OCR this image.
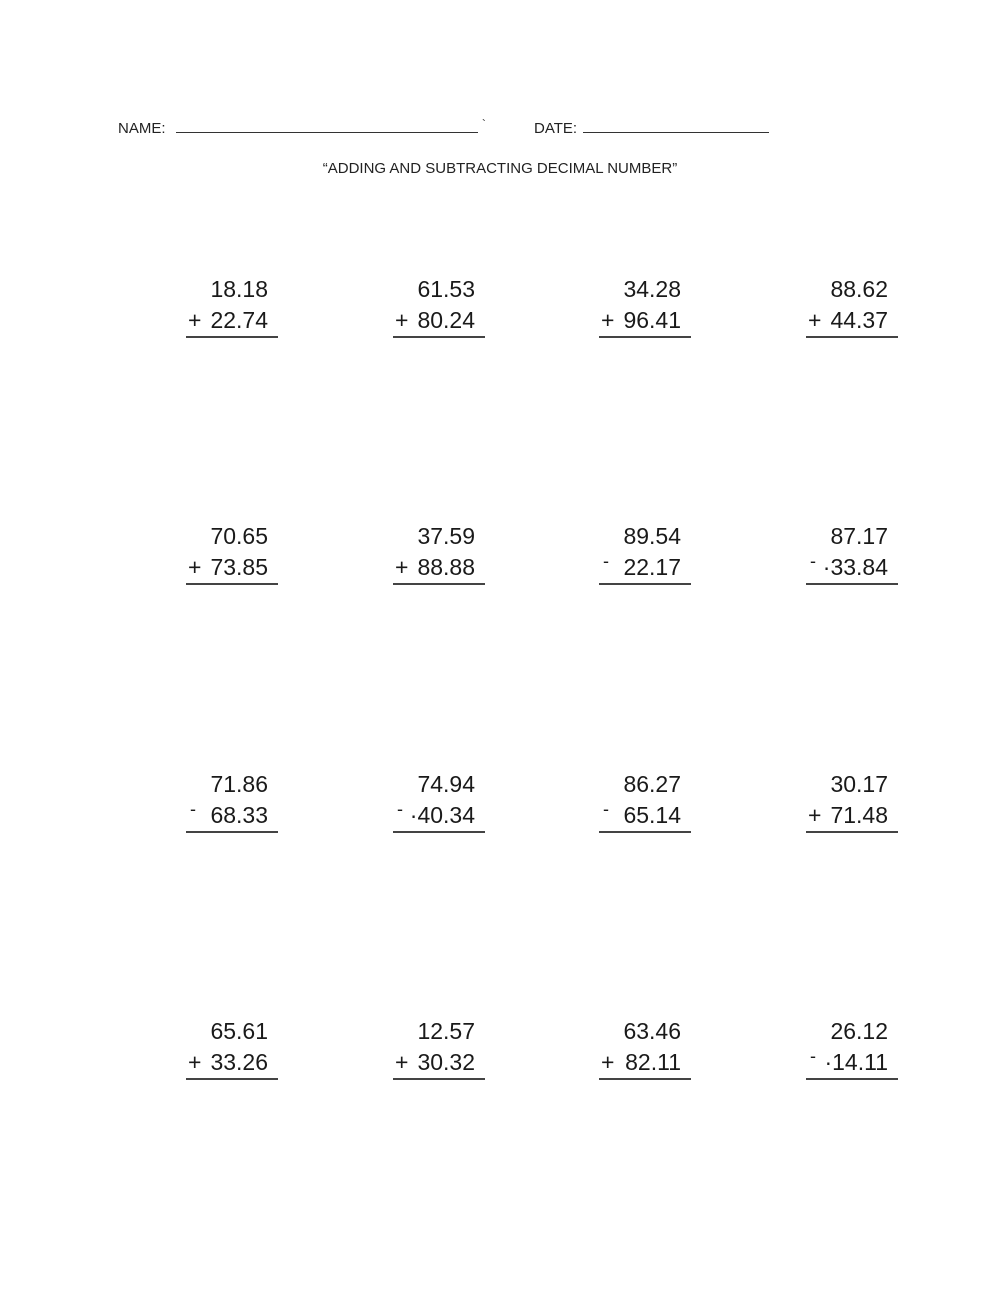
NAME:	`	DATE:
“ADDING AND SUBTRACTING DECIMAL NUMBER”
18.18
+ 22.74
61.53
+ 80.24
34.28
+ 96.41
88.62
+ 44.37
70.65
+ 73.85
37.59
+ 88.88
89.54
- 22.17
87.17
- ·33.84
71.86
- 68.33
74.94
- ·40.34
86.27
- 65.14
30.17
+ 71.48
65.61
+ 33.26
12.57
+ 30.32
63.46
+ 82.11
26.12
- ·14.11
